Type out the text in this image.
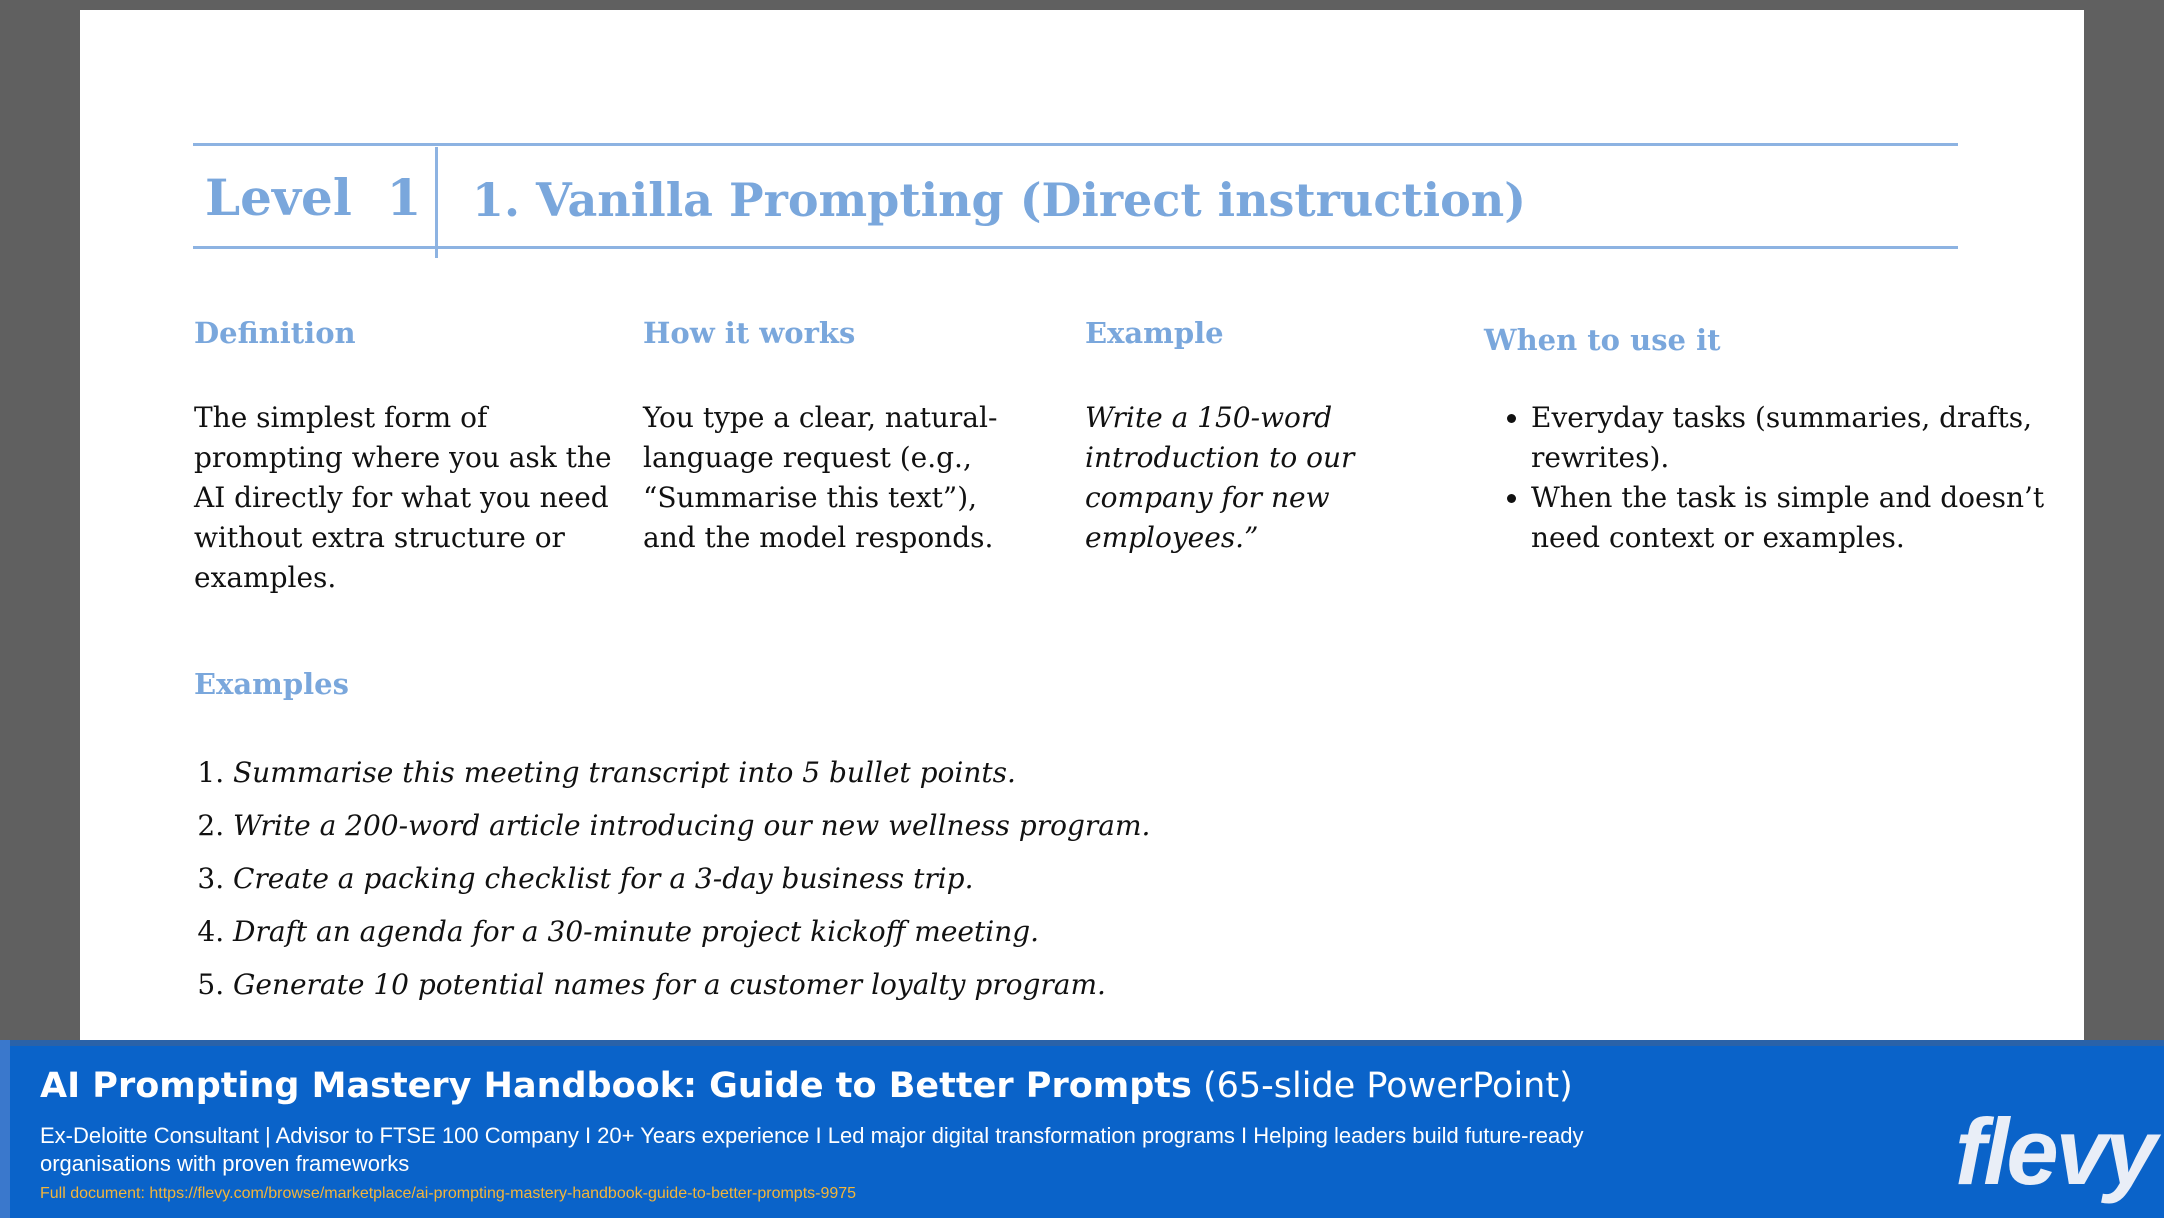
Level  1 1. Vanilla Prompting (Direct instruction)
Definition
The simplest form of prompting where you ask the AI directly for what you need without extra structure or examples.
How it works
You type a clear, natural-language request (e.g., “Summarise this text”), and the model responds.
Example
Write a 150-word introduction to our company for new employees.”
When to use it
• Everyday tasks (summaries, drafts, rewrites).
• When the task is simple and doesn’t need context or examples.
Examples
1. Summarise this meeting transcript into 5 bullet points.
2. Write a 200-word article introducing our new wellness program.
3. Create a packing checklist for a 3-day business trip.
4. Draft an agenda for a 30-minute project kickoff meeting.
5. Generate 10 potential names for a customer loyalty program.
AI Prompting Mastery Handbook: Guide to Better Prompts (65-slide PowerPoint)
Ex-Deloitte Consultant | Advisor to FTSE 100 Company I 20+ Years experience I Led major digital transformation programs I Helping leaders build future-ready organisations with proven frameworks
Full document: https://flevy.com/browse/marketplace/ai-prompting-mastery-handbook-guide-to-better-prompts-9975	flevy
